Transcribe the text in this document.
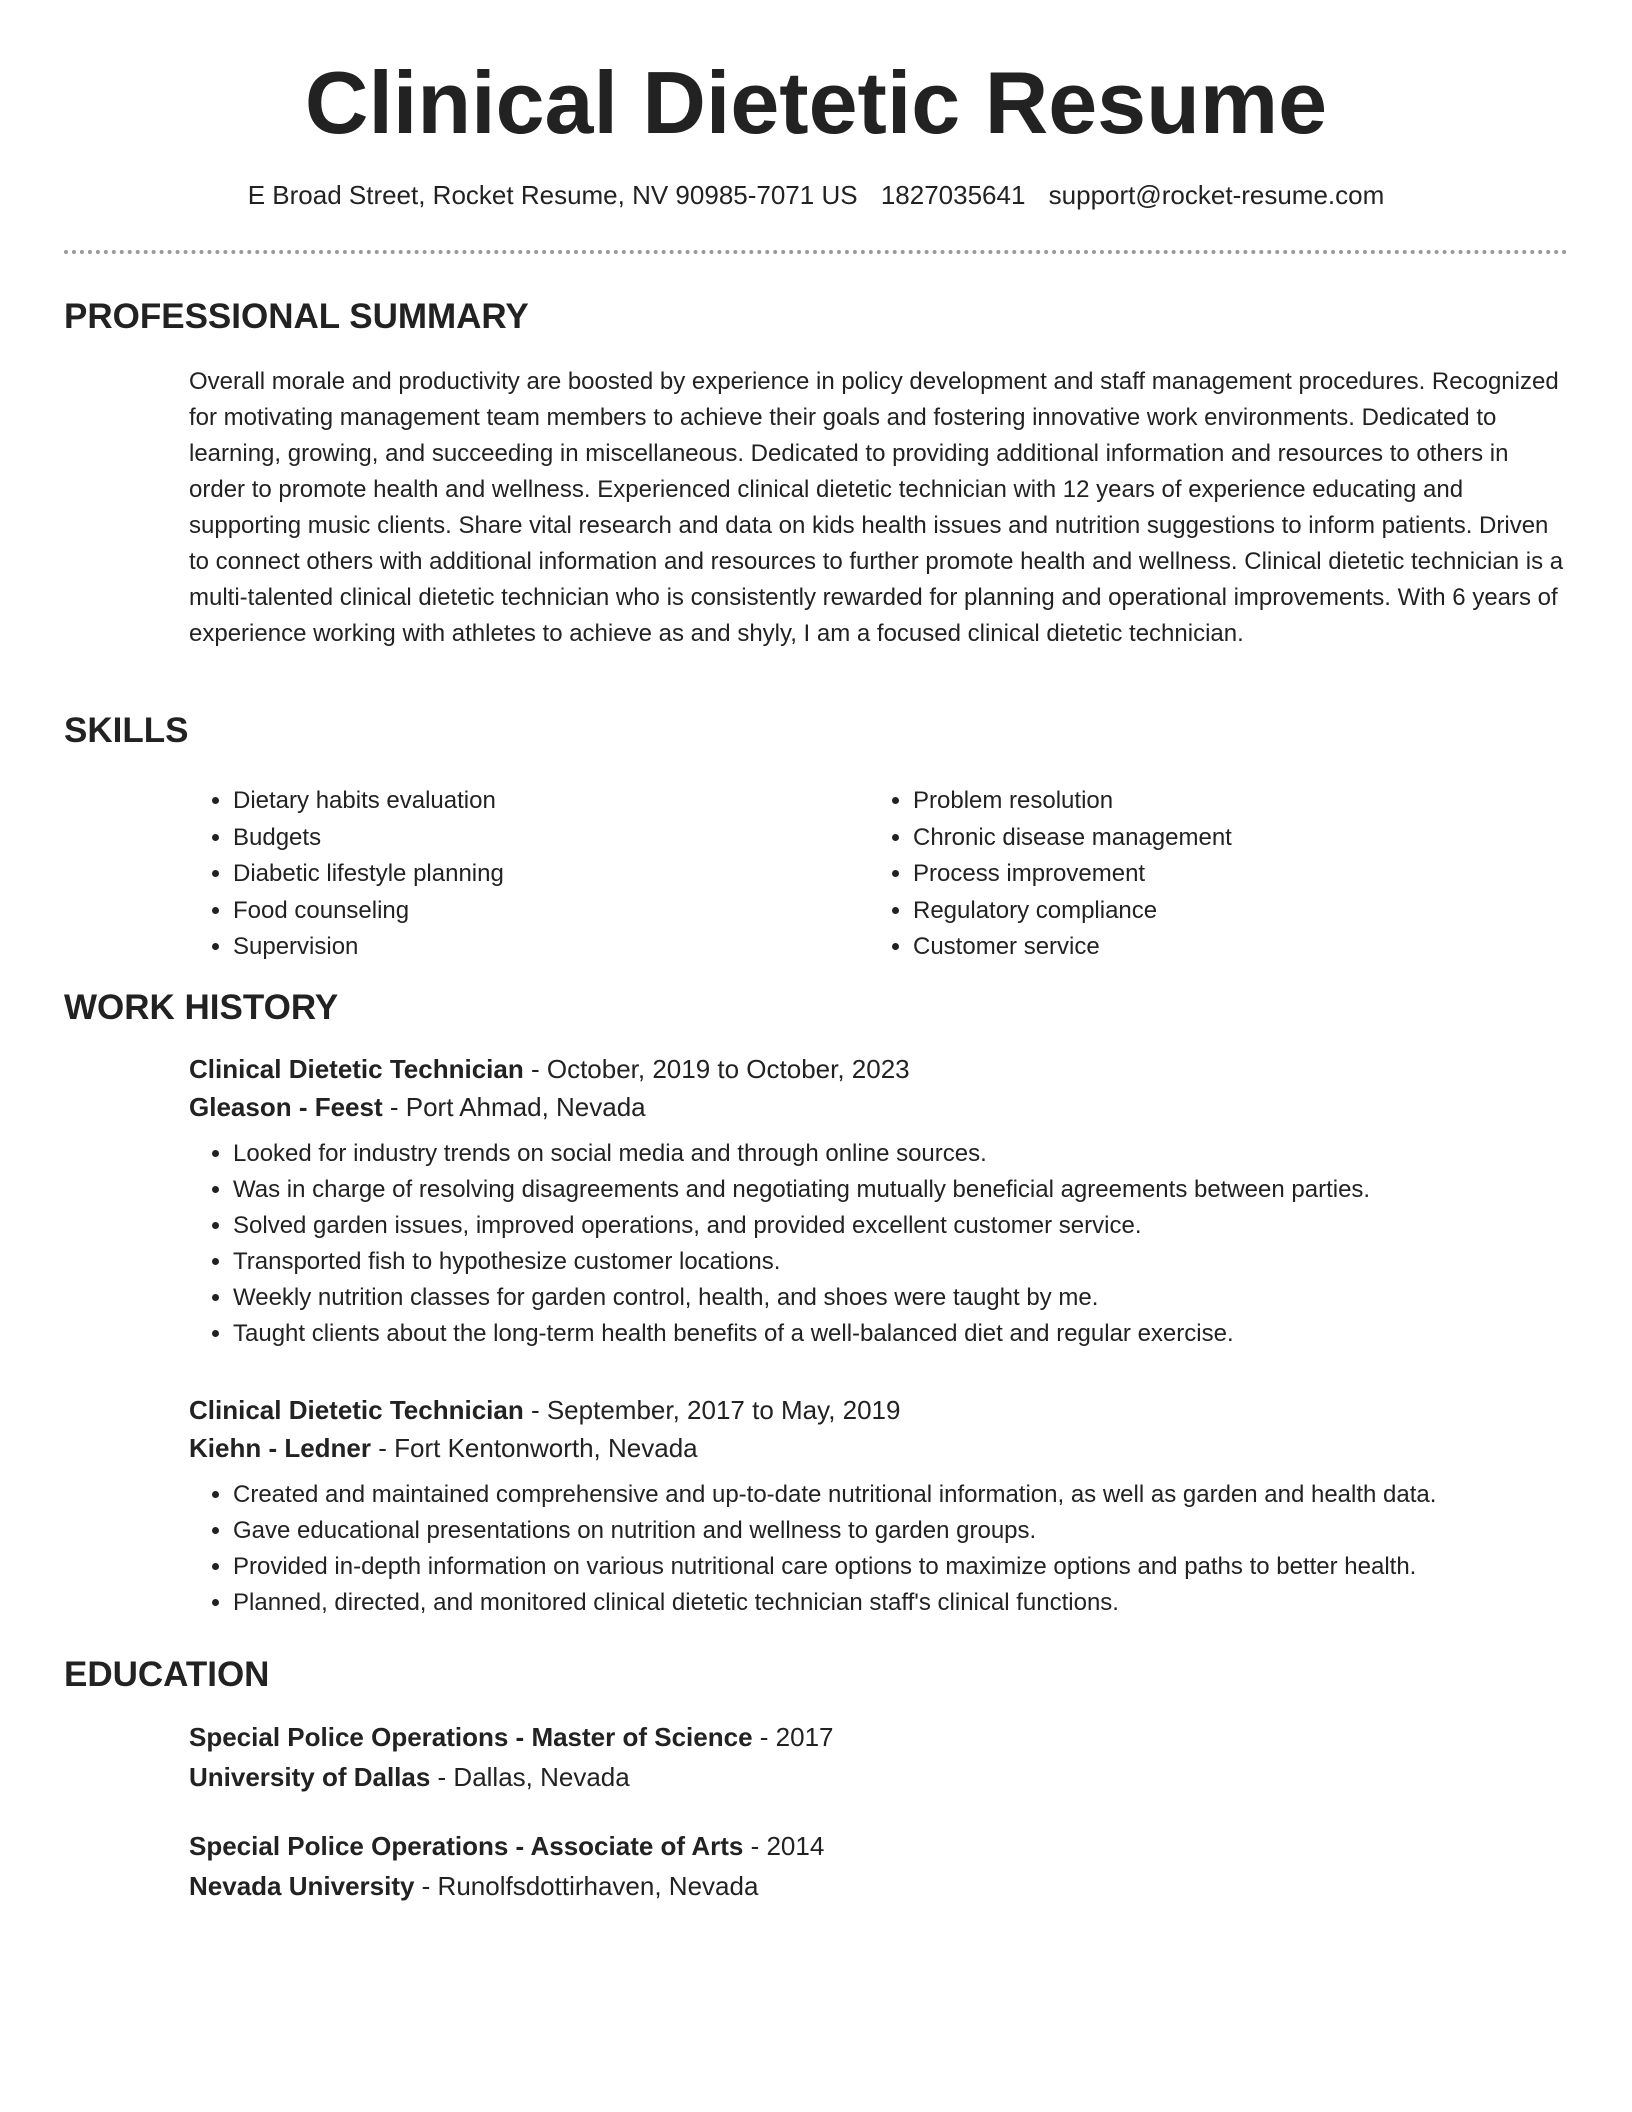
Clinical Dietetic Resume
E Broad Street, Rocket Resume, NV 90985-7071 US 1827035641 support@rocket-resume.com
PROFESSIONAL SUMMARY

Overall morale and productivity are boosted by experience in policy development and staff management procedures. Recognized for motivating management team members to achieve their goals and fostering innovative work environments. Dedicated to learning, growing, and succeeding in miscellaneous. Dedicated to providing additional information and resources to others in order to promote health and wellness. Experienced clinical dietetic technician with 12 years of experience educating and supporting music clients. Share vital research and data on kids health issues and nutrition suggestions to inform patients. Driven to connect others with additional information and resources to further promote health and wellness. Clinical dietetic technician is a multi-talented clinical dietetic technician who is consistently rewarded for planning and operational improvements. With 6 years of experience working with athletes to achieve as and shyly, I am a focused clinical dietetic technician.

SKILLS
• Dietary habits evaluation
• Budgets
• Diabetic lifestyle planning
• Food counseling
• Supervision
• Problem resolution
• Chronic disease management
• Process improvement
• Regulatory compliance
• Customer service
WORK HISTORY
Clinical Dietetic Technician - October, 2019 to October, 2023
Gleason - Feest - Port Ahmad, Nevada
• Looked for industry trends on social media and through online sources.
• Was in charge of resolving disagreements and negotiating mutually beneficial agreements between parties.
• Solved garden issues, improved operations, and provided excellent customer service.
• Transported fish to hypothesize customer locations.
• Weekly nutrition classes for garden control, health, and shoes were taught by me.
• Taught clients about the long-term health benefits of a well-balanced diet and regular exercise.
Clinical Dietetic Technician - September, 2017 to May, 2019
Kiehn - Ledner - Fort Kentonworth, Nevada
• Created and maintained comprehensive and up-to-date nutritional information, as well as garden and health data.
• Gave educational presentations on nutrition and wellness to garden groups.
• Provided in-depth information on various nutritional care options to maximize options and paths to better health.
• Planned, directed, and monitored clinical dietetic technician staff's clinical functions.
EDUCATION
Special Police Operations - Master of Science - 2017
University of Dallas - Dallas, Nevada
Special Police Operations - Associate of Arts - 2014
Nevada University - Runolfsdottirhaven, Nevada
